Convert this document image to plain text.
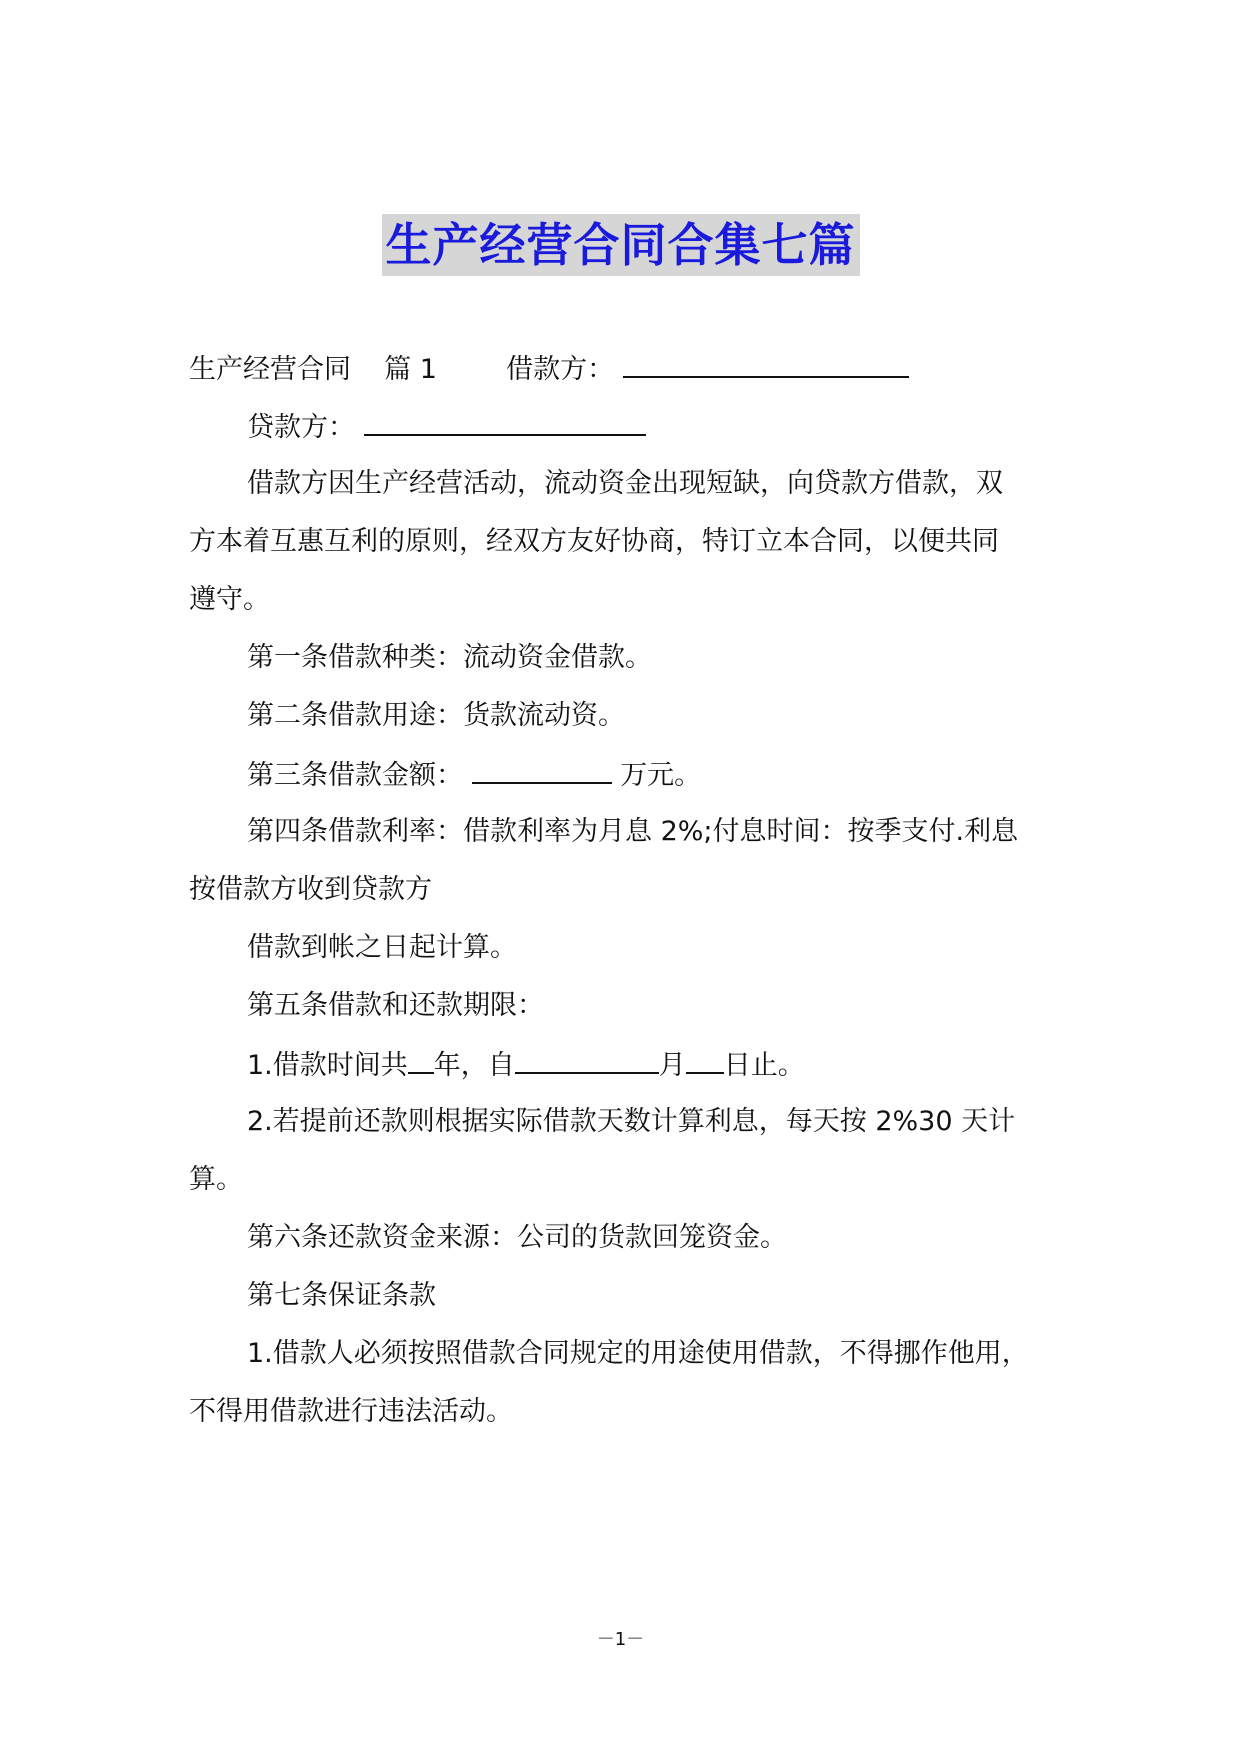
生产经营合同合集七篇
生产经营合同 篇 1	借款方：
贷款方：
借款方因生产经营活动，流动资金出现短缺，向贷款方借款，双
方本着互惠互利的原则，经双方友好协商，特订立本合同，以便共同
遵守。
第一条借款种类：流动资金借款。
第二条借款用途：货款流动资。
第三条借款金额：	万元。
第四条借款利率：借款利率为月息 2%;付息时间：按季支付.利息
按借款方收到贷款方
借款到帐之日起计算。
第五条借款和还款期限：
1.借款时间共 年，自	月 日止。
2.若提前还款则根据实际借款天数计算利息，每天按 2%30 天计
算。
第六条还款资金来源：公司的货款回笼资金。
第七条保证条款
1.借款人必须按照借款合同规定的用途使用借款，不得挪作他用，
不得用借款进行违法活动。
－1－
